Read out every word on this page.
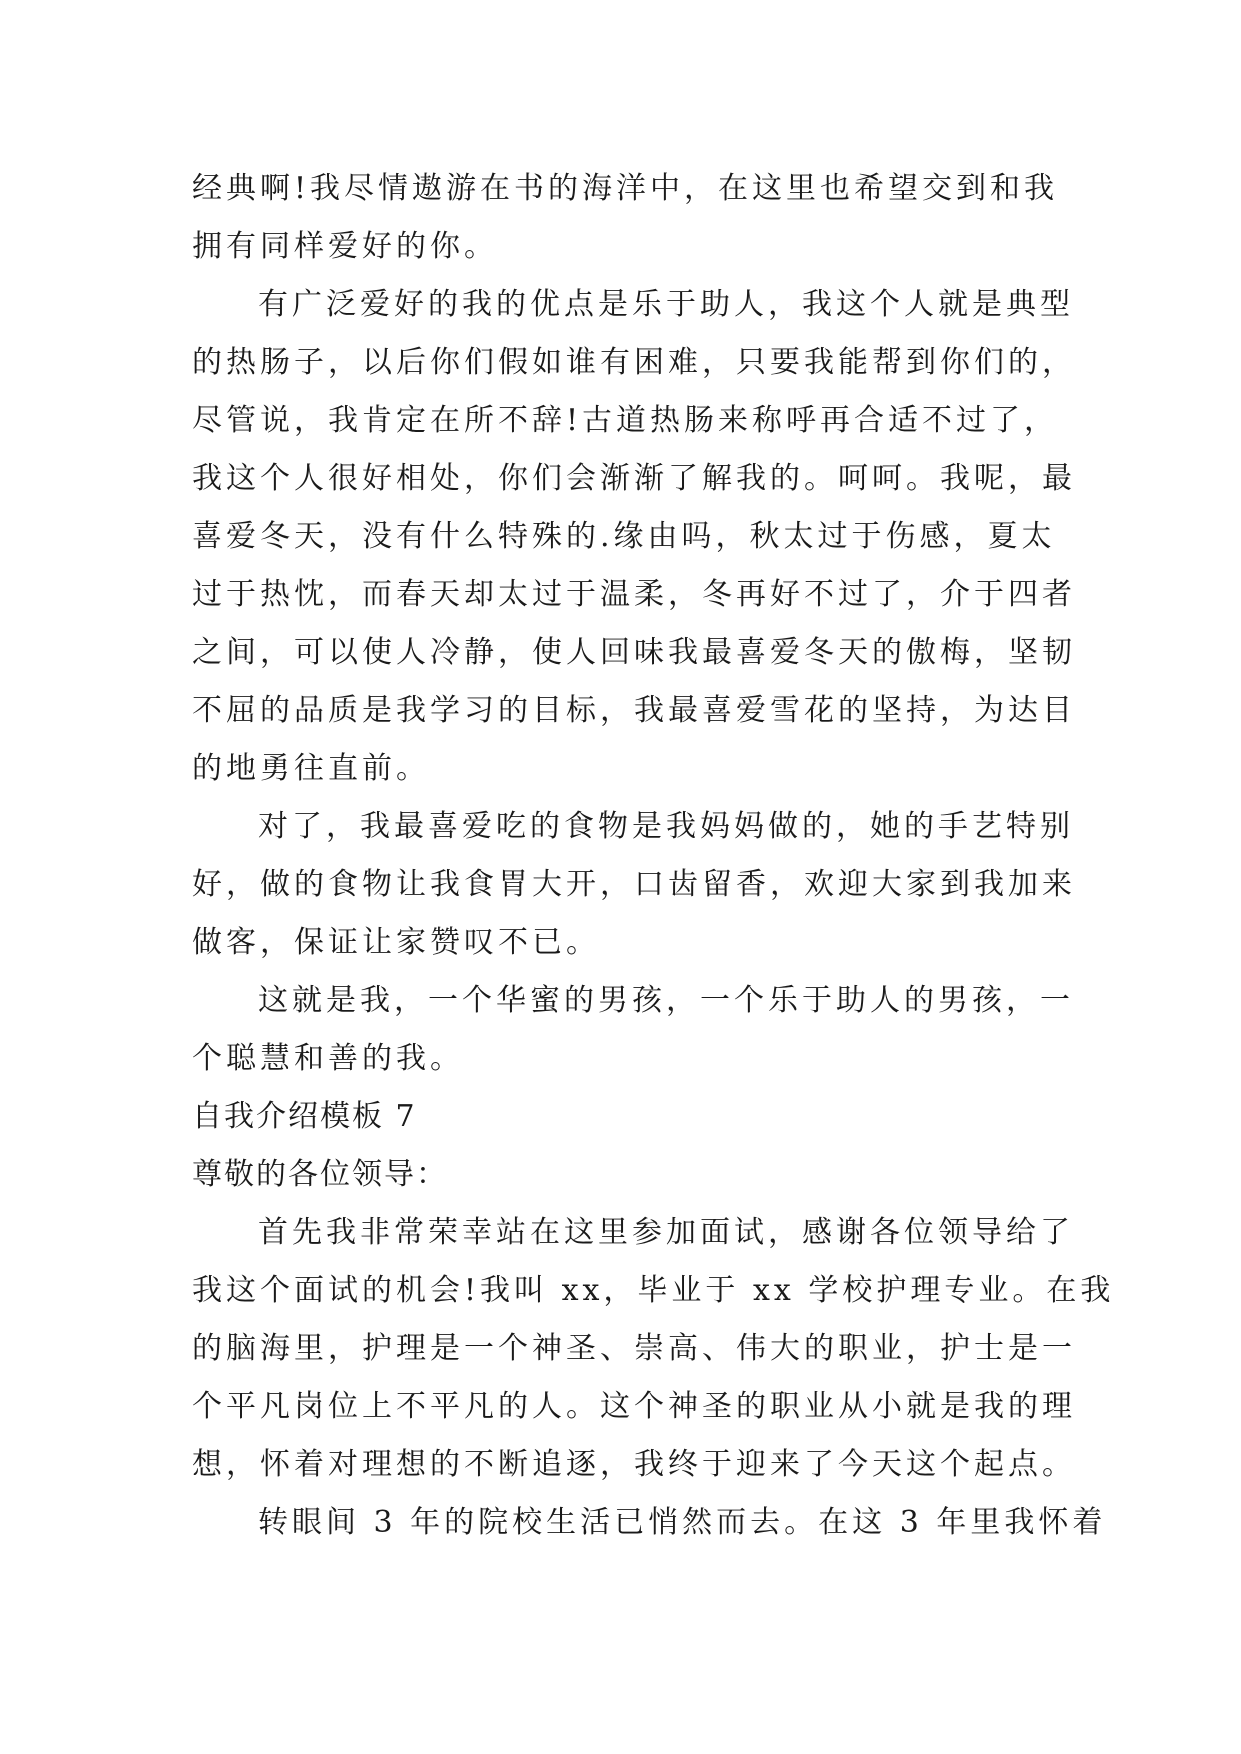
经典啊!我尽情遨游在书的海洋中，在这里也希望交到和我
拥有同样爱好的你。
有广泛爱好的我的优点是乐于助人，我这个人就是典型
的热肠子，以后你们假如谁有困难，只要我能帮到你们的，
尽管说，我肯定在所不辞!古道热肠来称呼再合适不过了，
我这个人很好相处，你们会渐渐了解我的。呵呵。我呢，最
喜爱冬天，没有什么特殊的.缘由吗，秋太过于伤感，夏太
过于热忱，而春天却太过于温柔，冬再好不过了，介于四者
之间，可以使人冷静，使人回味我最喜爱冬天的傲梅，坚韧
不屈的品质是我学习的目标，我最喜爱雪花的坚持，为达目
的地勇往直前。
对了，我最喜爱吃的食物是我妈妈做的，她的手艺特别
好，做的食物让我食胃大开，口齿留香，欢迎大家到我加来
做客，保证让家赞叹不已。
这就是我，一个华蜜的男孩，一个乐于助人的男孩，一
个聪慧和善的我。
自我介绍模板 7
尊敬的各位领导：
首先我非常荣幸站在这里参加面试，感谢各位领导给了
我这个面试的机会!我叫 xx，毕业于 xx 学校护理专业。在我
的脑海里，护理是一个神圣、崇高、伟大的职业，护士是一
个平凡岗位上不平凡的人。这个神圣的职业从小就是我的理
想，怀着对理想的不断追逐，我终于迎来了今天这个起点。
转眼间 3 年的院校生活已悄然而去。在这 3 年里我怀着
